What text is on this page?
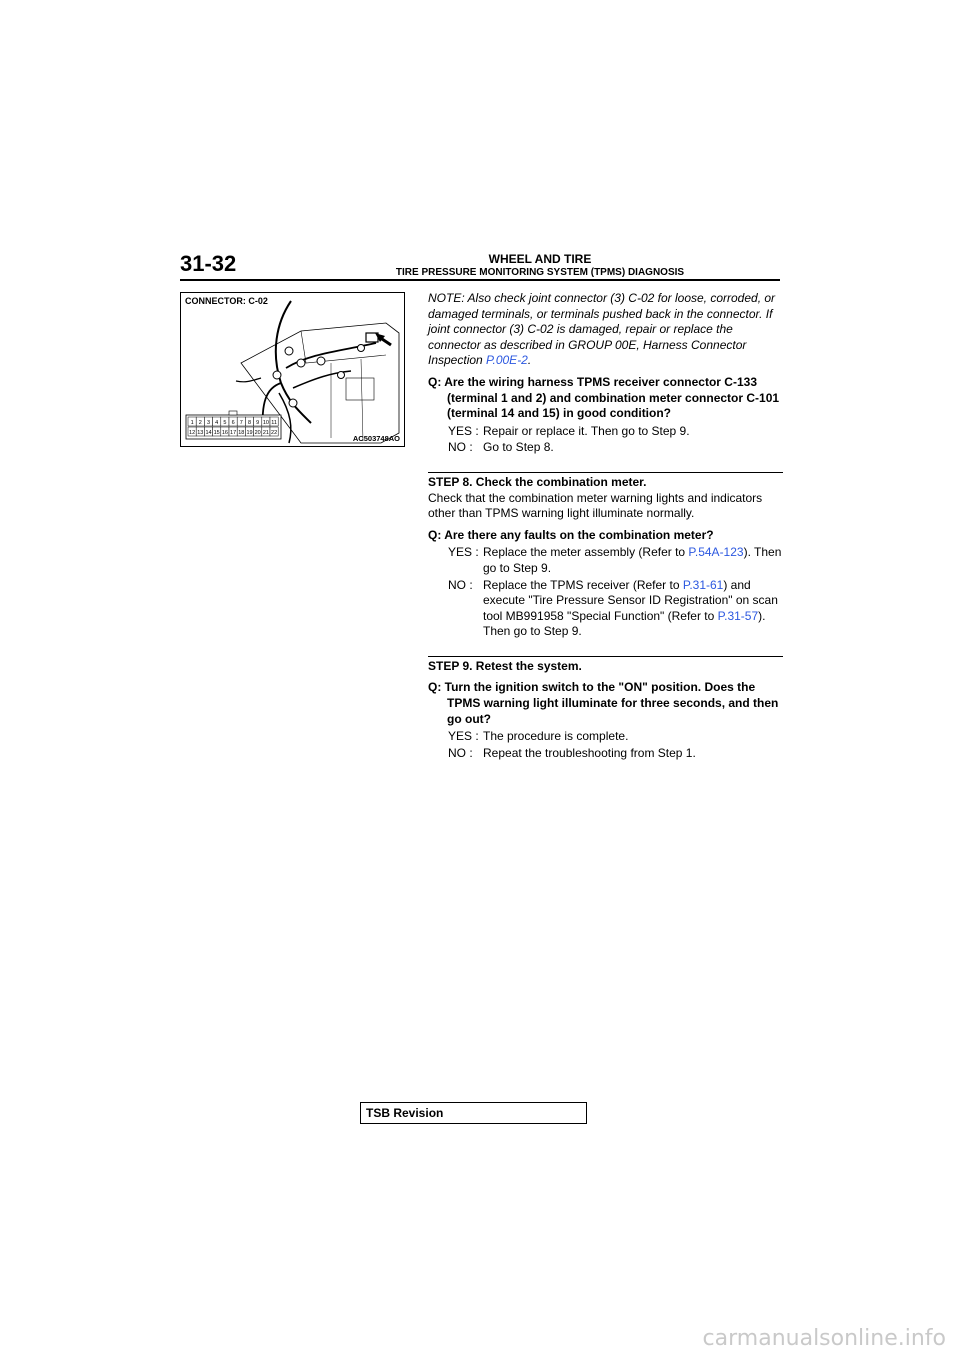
31-32	WHEEL AND TIRE
TIRE PRESSURE MONITORING SYSTEM (TPMS) DIAGNOSIS
1 2 3 4 5 6 7 8 9 10 11
12 13 14 15 16 17 18 19 20 21 22
CONNECTOR: C-02
AC503748AO

NOTE: Also check joint connector (3) C-02 for loose, corroded, or damaged terminals, or terminals pushed back in the connector. If joint connector (3) C-02 is damaged, repair or replace the connector as described in GROUP 00E, Harness Connector Inspection P.00E-2.

Q: Are the wiring harness TPMS receiver connector C-133 (terminal 1 and 2) and combination meter connector C-101 (terminal 14 and 15) in good condition?

YES : Repair or replace it. Then go to Step 9.
NO : Go to Step 8.

STEP 8. Check the combination meter.

Check that the combination meter warning lights and indicators other than TPMS warning light illuminate normally.

Q: Are there any faults on the combination meter?

YES : Replace the meter assembly (Refer to P.54A-123). Then go to Step 9.
NO : Replace the TPMS receiver (Refer to P.31-61) and execute "Tire Pressure Sensor ID Registration" on scan tool MB991958 "Special Function" (Refer to P.31-57). Then go to Step 9.

STEP 9. Retest the system.

Q: Turn the ignition switch to the "ON" position. Does the TPMS warning light illuminate for three seconds, and then go out?

YES : The procedure is complete.
NO : Repeat the troubleshooting from Step 1.
TSB Revision
carmanualsonline.info
